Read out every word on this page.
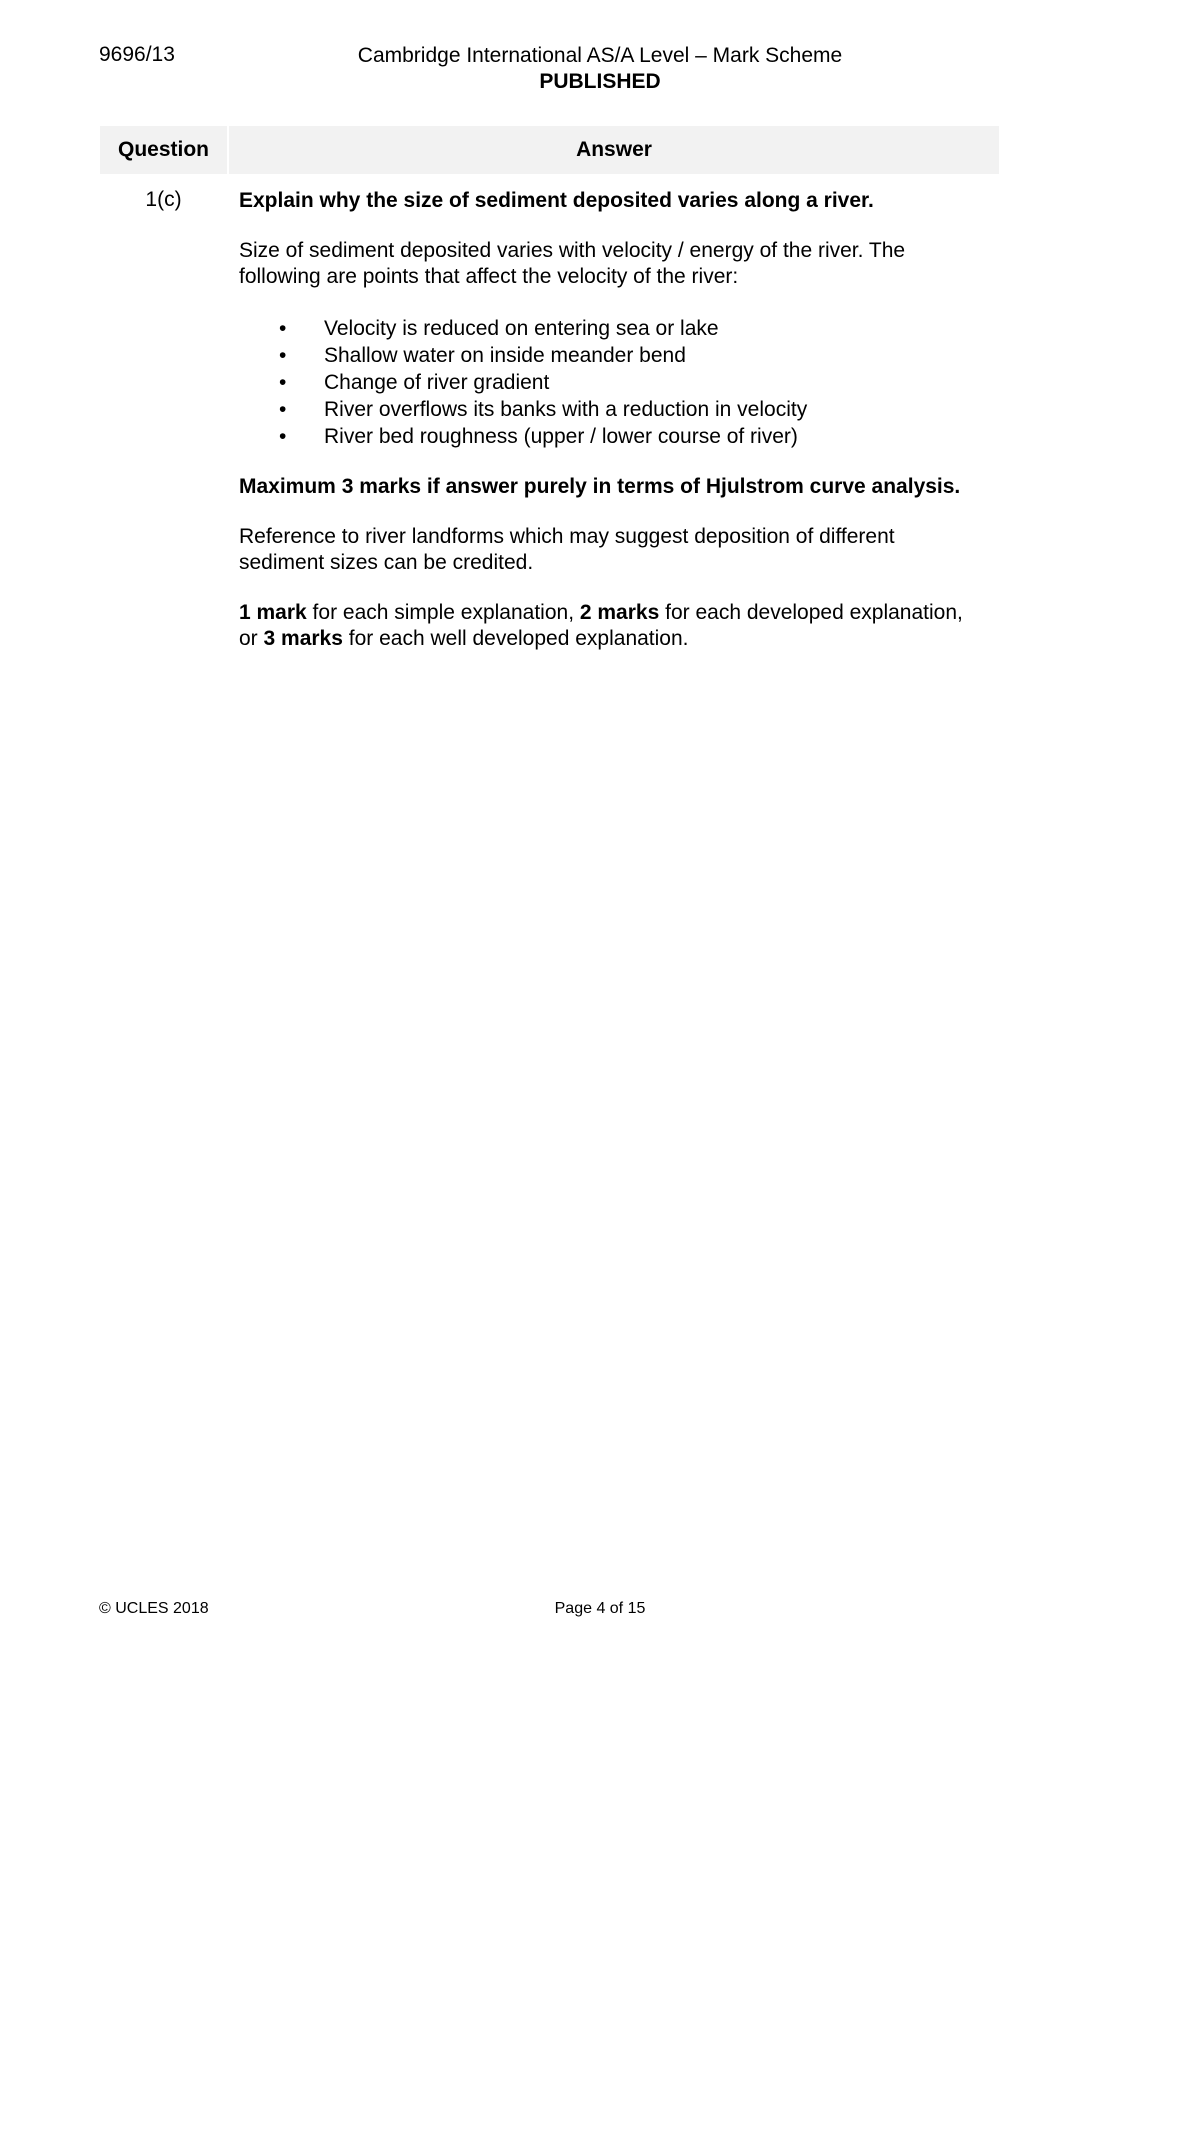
9696/13	Cambridge International AS/A Level – Mark Scheme
PUBLISHED
Question	Answer
1(c)	Explain why the size of sediment deposited varies along a river.

Size of sediment deposited varies with velocity / energy of the river. The following are points that affect the velocity of the river:

• Velocity is reduced on entering sea or lake
• Shallow water on inside meander bend
• Change of river gradient
• River overflows its banks with a reduction in velocity
• River bed roughness (upper / lower course of river)

Maximum 3 marks if answer purely in terms of Hjulstrom curve analysis.

Reference to river landforms which may suggest deposition of different sediment sizes can be credited.

1 mark for each simple explanation, 2 marks for each developed explanation, or 3 marks for each well developed explanation.

© UCLES 2018	Page 4 of 15
